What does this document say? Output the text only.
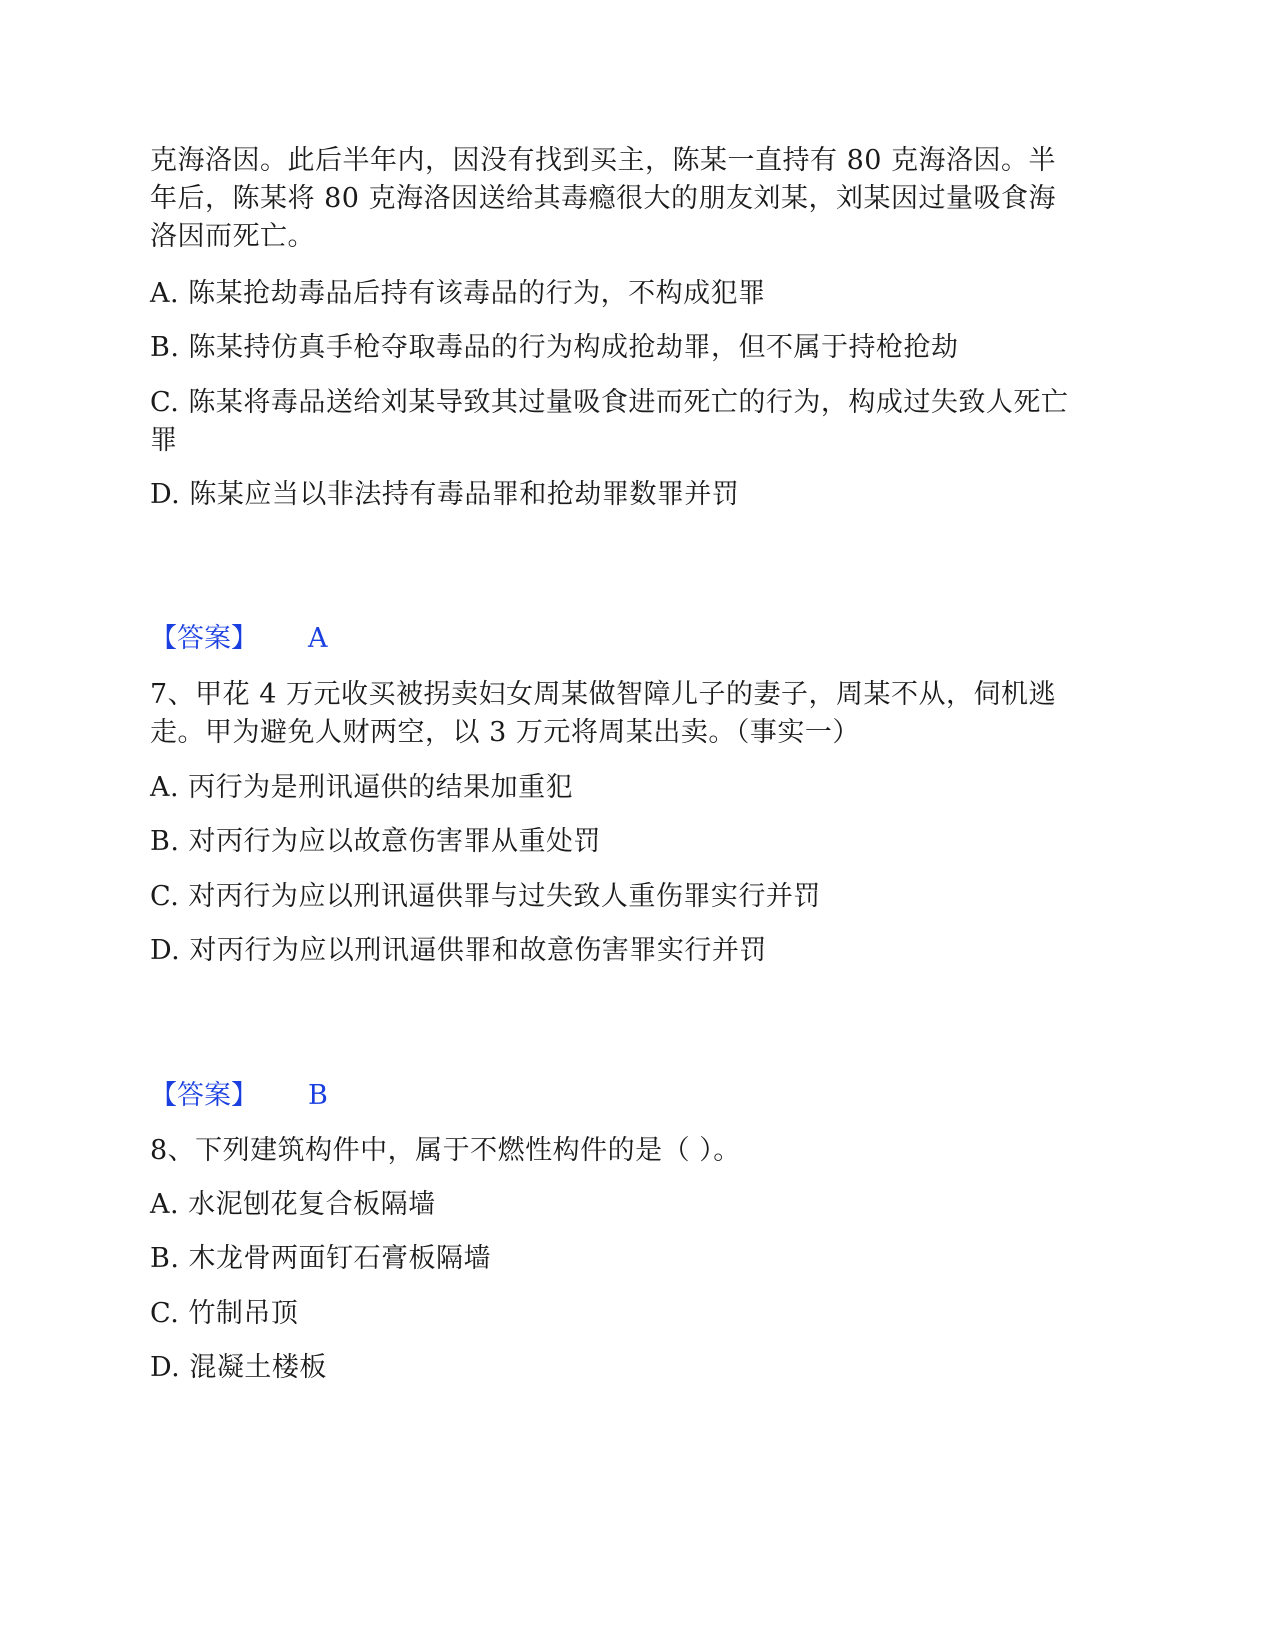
克海洛因。此后半年内，因没有找到买主，陈某一直持有 80 克海洛因。半
年后，陈某将 80 克海洛因送给其毒瘾很大的朋友刘某，刘某因过量吸食海
洛因而死亡。
A. 陈某抢劫毒品后持有该毒品的行为，不构成犯罪
B. 陈某持仿真手枪夺取毒品的行为构成抢劫罪，但不属于持枪抢劫
C. 陈某将毒品送给刘某导致其过量吸食进而死亡的行为，构成过失致人死亡
罪
D. 陈某应当以非法持有毒品罪和抢劫罪数罪并罚
【答案】 A
7、甲花 4 万元收买被拐卖妇女周某做智障儿子的妻子，周某不从，伺机逃
走。甲为避免人财两空，以 3 万元将周某出卖。（事实一）
A. 丙行为是刑讯逼供的结果加重犯
B. 对丙行为应以故意伤害罪从重处罚
C. 对丙行为应以刑讯逼供罪与过失致人重伤罪实行并罚
D. 对丙行为应以刑讯逼供罪和故意伤害罪实行并罚
【答案】 B
8、下列建筑构件中，属于不燃性构件的是（ ）。
A. 水泥刨花复合板隔墙
B. 木龙骨两面钉石膏板隔墙
C. 竹制吊顶
D. 混凝土楼板
